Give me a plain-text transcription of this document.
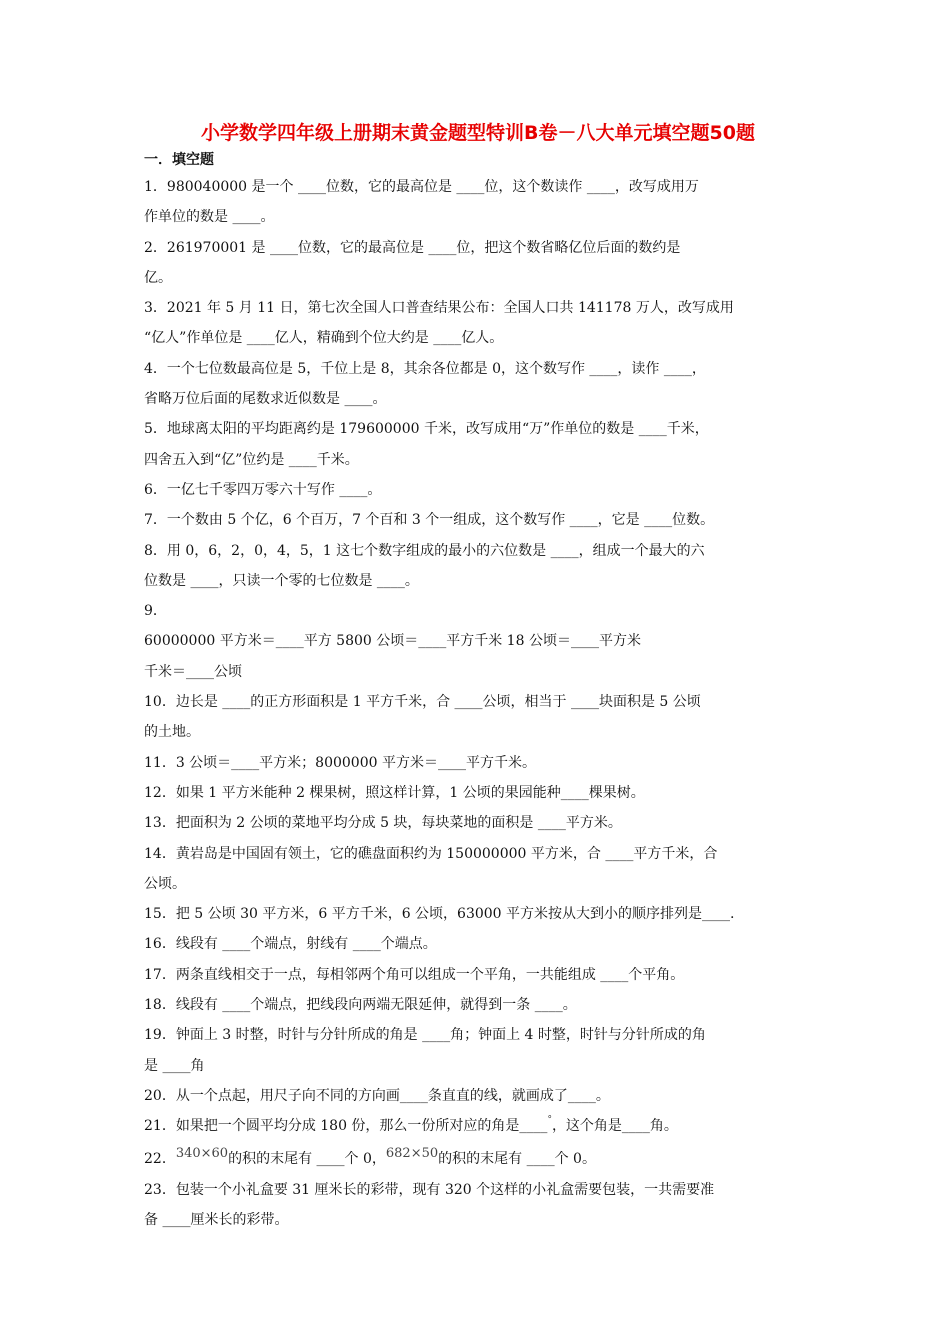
小学数学四年级上册期末黄金题型特训B卷－八大单元填空题50题
一．填空题
1．980040000 是一个 ____位数，它的最高位是 ____位，这个数读作 ____，改写成用万
作单位的数是 ____。
2．261970001 是 ____位数，它的最高位是 ____位，把这个数省略亿位后面的数约是
亿。
3．2021 年 5 月 11 日，第七次全国人口普查结果公布：全国人口共 141178 万人，改写成用
“亿人”作单位是 ____亿人，精确到个位大约是 ____亿人。
4．一个七位数最高位是 5，千位上是 8，其余各位都是 0，这个数写作 ____，读作 ____，
省略万位后面的尾数求近似数是 ____。
5．地球离太阳的平均距离约是 179600000 千米，改写成用“万”作单位的数是 ____千米，
四舍五入到“亿”位约是 ____千米。
6．一亿七千零四万零六十写作 ____。
7．一个数由 5 个亿，6 个百万，7 个百和 3 个一组成，这个数写作 ____，它是 ____位数。
8．用 0，6，2，0，4，5，1 这七个数字组成的最小的六位数是 ____，组成一个最大的六
位数是 ____，只读一个零的七位数是 ____。
9．
60000000 平方米＝____平方 5800 公顷＝____平方千米 18 公顷＝____平方米
千米＝____公顷
10．边长是 ____的正方形面积是 1 平方千米，合 ____公顷，相当于 ____块面积是 5 公顷
的土地。
11．3 公顷＝____平方米；8000000 平方米＝____平方千米。
12．如果 1 平方米能种 2 棵果树，照这样计算，1 公顷的果园能种____棵果树。
13．把面积为 2 公顷的菜地平均分成 5 块，每块菜地的面积是 ____平方米。
14．黄岩岛是中国固有领土，它的礁盘面积约为 150000000 平方米，合 ____平方千米，合
公顷。
15．把 5 公顷 30 平方米，6 平方千米，6 公顷，63000 平方米按从大到小的顺序排列是____.
16．线段有 ____个端点，射线有 ____个端点。
17．两条直线相交于一点，每相邻两个角可以组成一个平角，一共能组成 ____个平角。
18．线段有 ____个端点，把线段向两端无限延伸，就得到一条 ____。
19．钟面上 3 时整，时针与分针所成的角是 ____角；钟面上 4 时整，时针与分针所成的角
是 ____角
20．从一个点起，用尺子向不同的方向画____条直直的线，就画成了____。
21．如果把一个圆平均分成 180 份，那么一份所对应的角是____°，这个角是____角。
22．340×60的积的末尾有 ____个 0，682×50的积的末尾有 ____个 0。
23．包装一个小礼盒要 31 厘米长的彩带，现有 320 个这样的小礼盒需要包装，一共需要准
备 ____厘米长的彩带。
